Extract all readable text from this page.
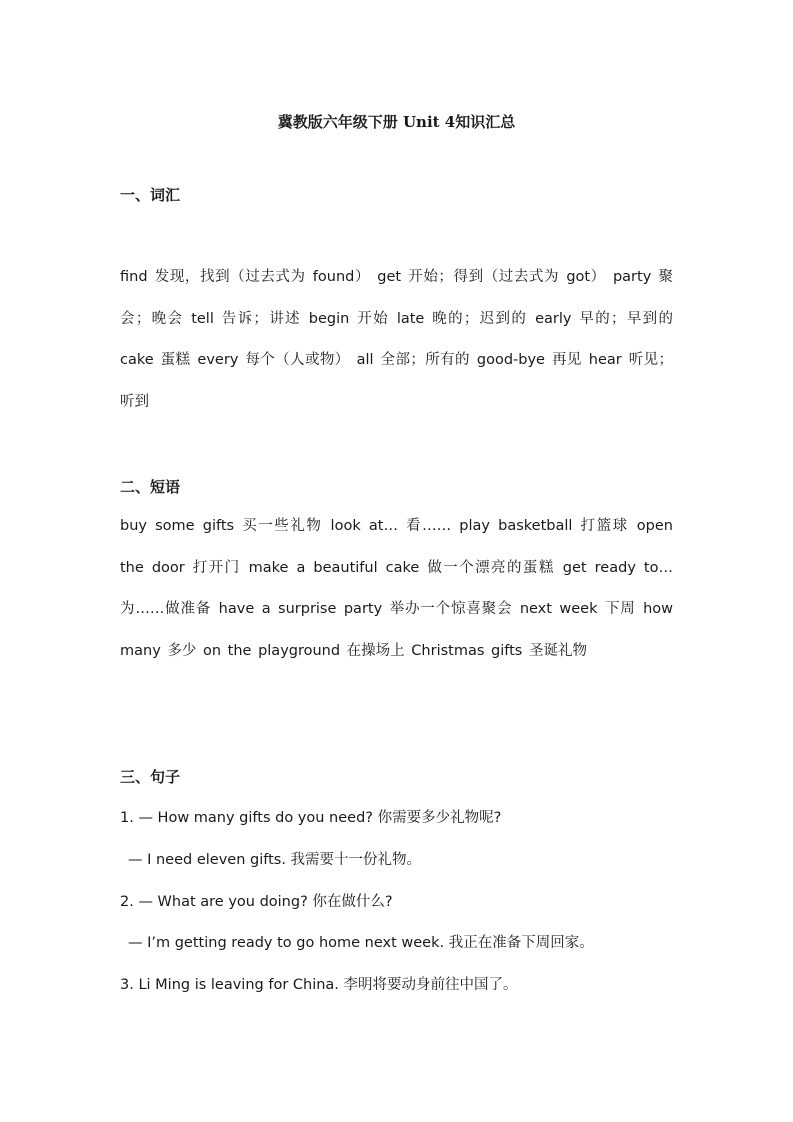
冀教版六年级下册 Unit 4知识汇总
一、词汇
find 发现，找到（过去式为 found） get 开始；得到（过去式为 got） party 聚会；晚会 tell 告诉；讲述 begin 开始 late 晚的；迟到的 early 早的；早到的 cake 蛋糕 every 每个（人或物） all 全部；所有的 good-bye 再见 hear 听见；听到
二、短语
buy some gifts 买一些礼物 look at… 看…… play basketball 打篮球 open the door 打开门 make a beautiful cake 做一个漂亮的蛋糕 get ready to… 为……做准备 have a surprise party 举办一个惊喜聚会 next week 下周 how many 多少 on the playground 在操场上 Christmas gifts 圣诞礼物
三、句子
1. — How many gifts do you need? 你需要多少礼物呢?
— I need eleven gifts. 我需要十一份礼物。
2. — What are you doing? 你在做什么?
— I’m getting ready to go home next week. 我正在准备下周回家。
3. Li Ming is leaving for China. 李明将要动身前往中国了。
